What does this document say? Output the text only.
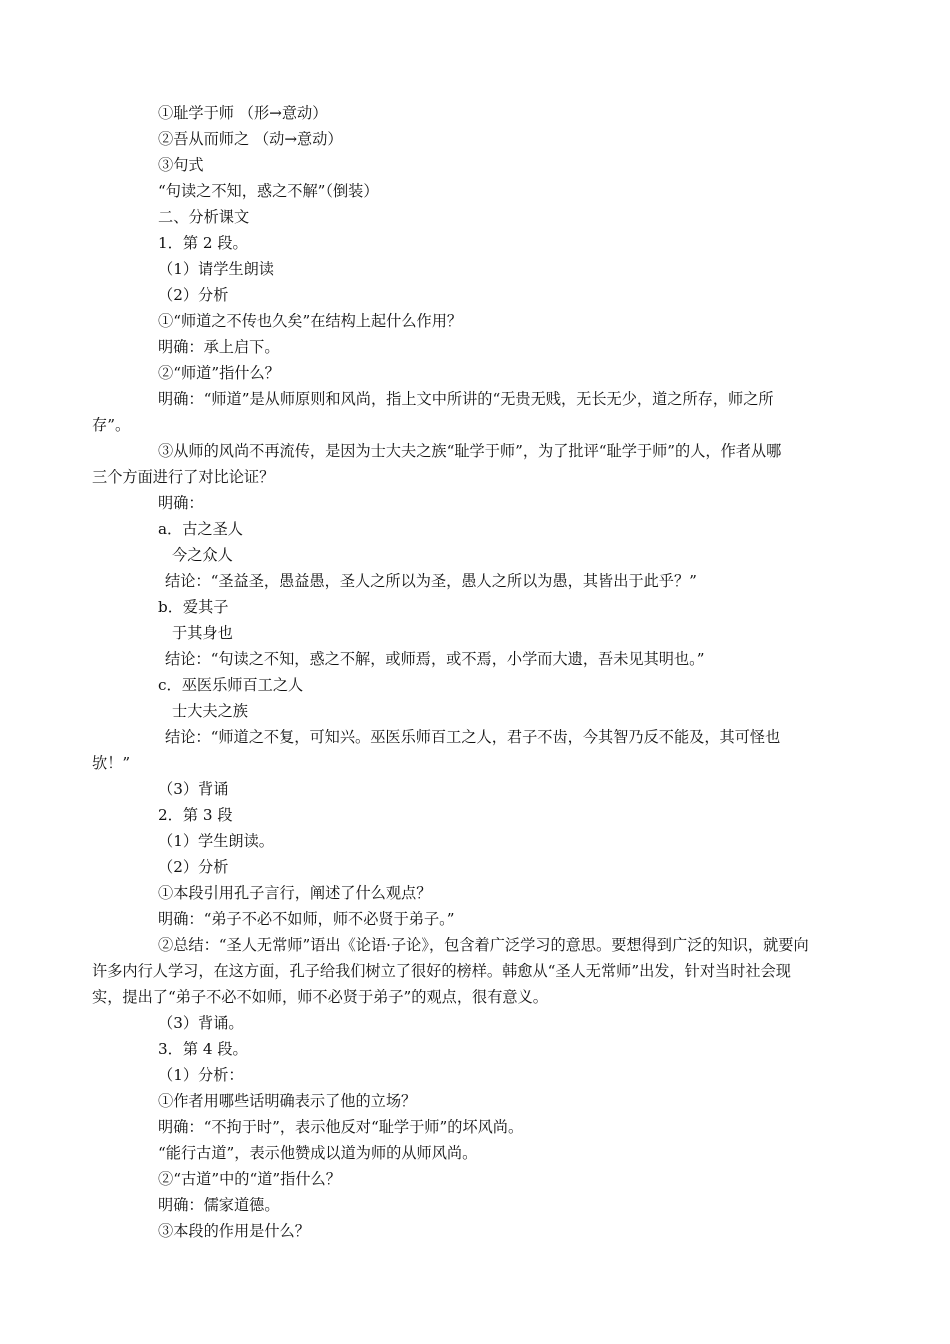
①耻学于师 （形→意动）
②吾从而师之 （动→意动）
③句式
“句读之不知，惑之不解”（倒装）
二、分析课文
1．第 2 段。
（1）请学生朗读
（2）分析
①“师道之不传也久矣”在结构上起什么作用？
明确：承上启下。
②“师道”指什么？
明确：“师道”是从师原则和风尚，指上文中所讲的“无贵无贱，无长无少，道之所存，师之所
存”。
③从师的风尚不再流传，是因为士大夫之族“耻学于师”，为了批评“耻学于师”的人，作者从哪
三个方面进行了对比论证？
明确：
a．古之圣人
今之众人
结论：“圣益圣，愚益愚，圣人之所以为圣，愚人之所以为愚，其皆出于此乎？”
b．爱其子
于其身也
结论：“句读之不知，惑之不解，或师焉，或不焉，小学而大遗，吾未见其明也。”
c．巫医乐师百工之人
士大夫之族
结论：“师道之不复，可知兴。巫医乐师百工之人，君子不齿，今其智乃反不能及，其可怪也
欤！”
（3）背诵
2．第 3 段
（1）学生朗读。
（2）分析
①本段引用孔子言行，阐述了什么观点？
明确：“弟子不必不如师，师不必贤于弟子。”
②总结：“圣人无常师”语出《论语·子论》，包含着广泛学习的意思。要想得到广泛的知识，就要向
许多内行人学习，在这方面，孔子给我们树立了很好的榜样。韩愈从“圣人无常师”出发，针对当时社会现
实，提出了“弟子不必不如师，师不必贤于弟子”的观点，很有意义。
（3）背诵。
3．第 4 段。
（1）分析：
①作者用哪些话明确表示了他的立场？
明确：“不拘于时”，表示他反对“耻学于师”的坏风尚。
“能行古道”，表示他赞成以道为师的从师风尚。
②“古道”中的“道”指什么？
明确：儒家道德。
③本段的作用是什么？
